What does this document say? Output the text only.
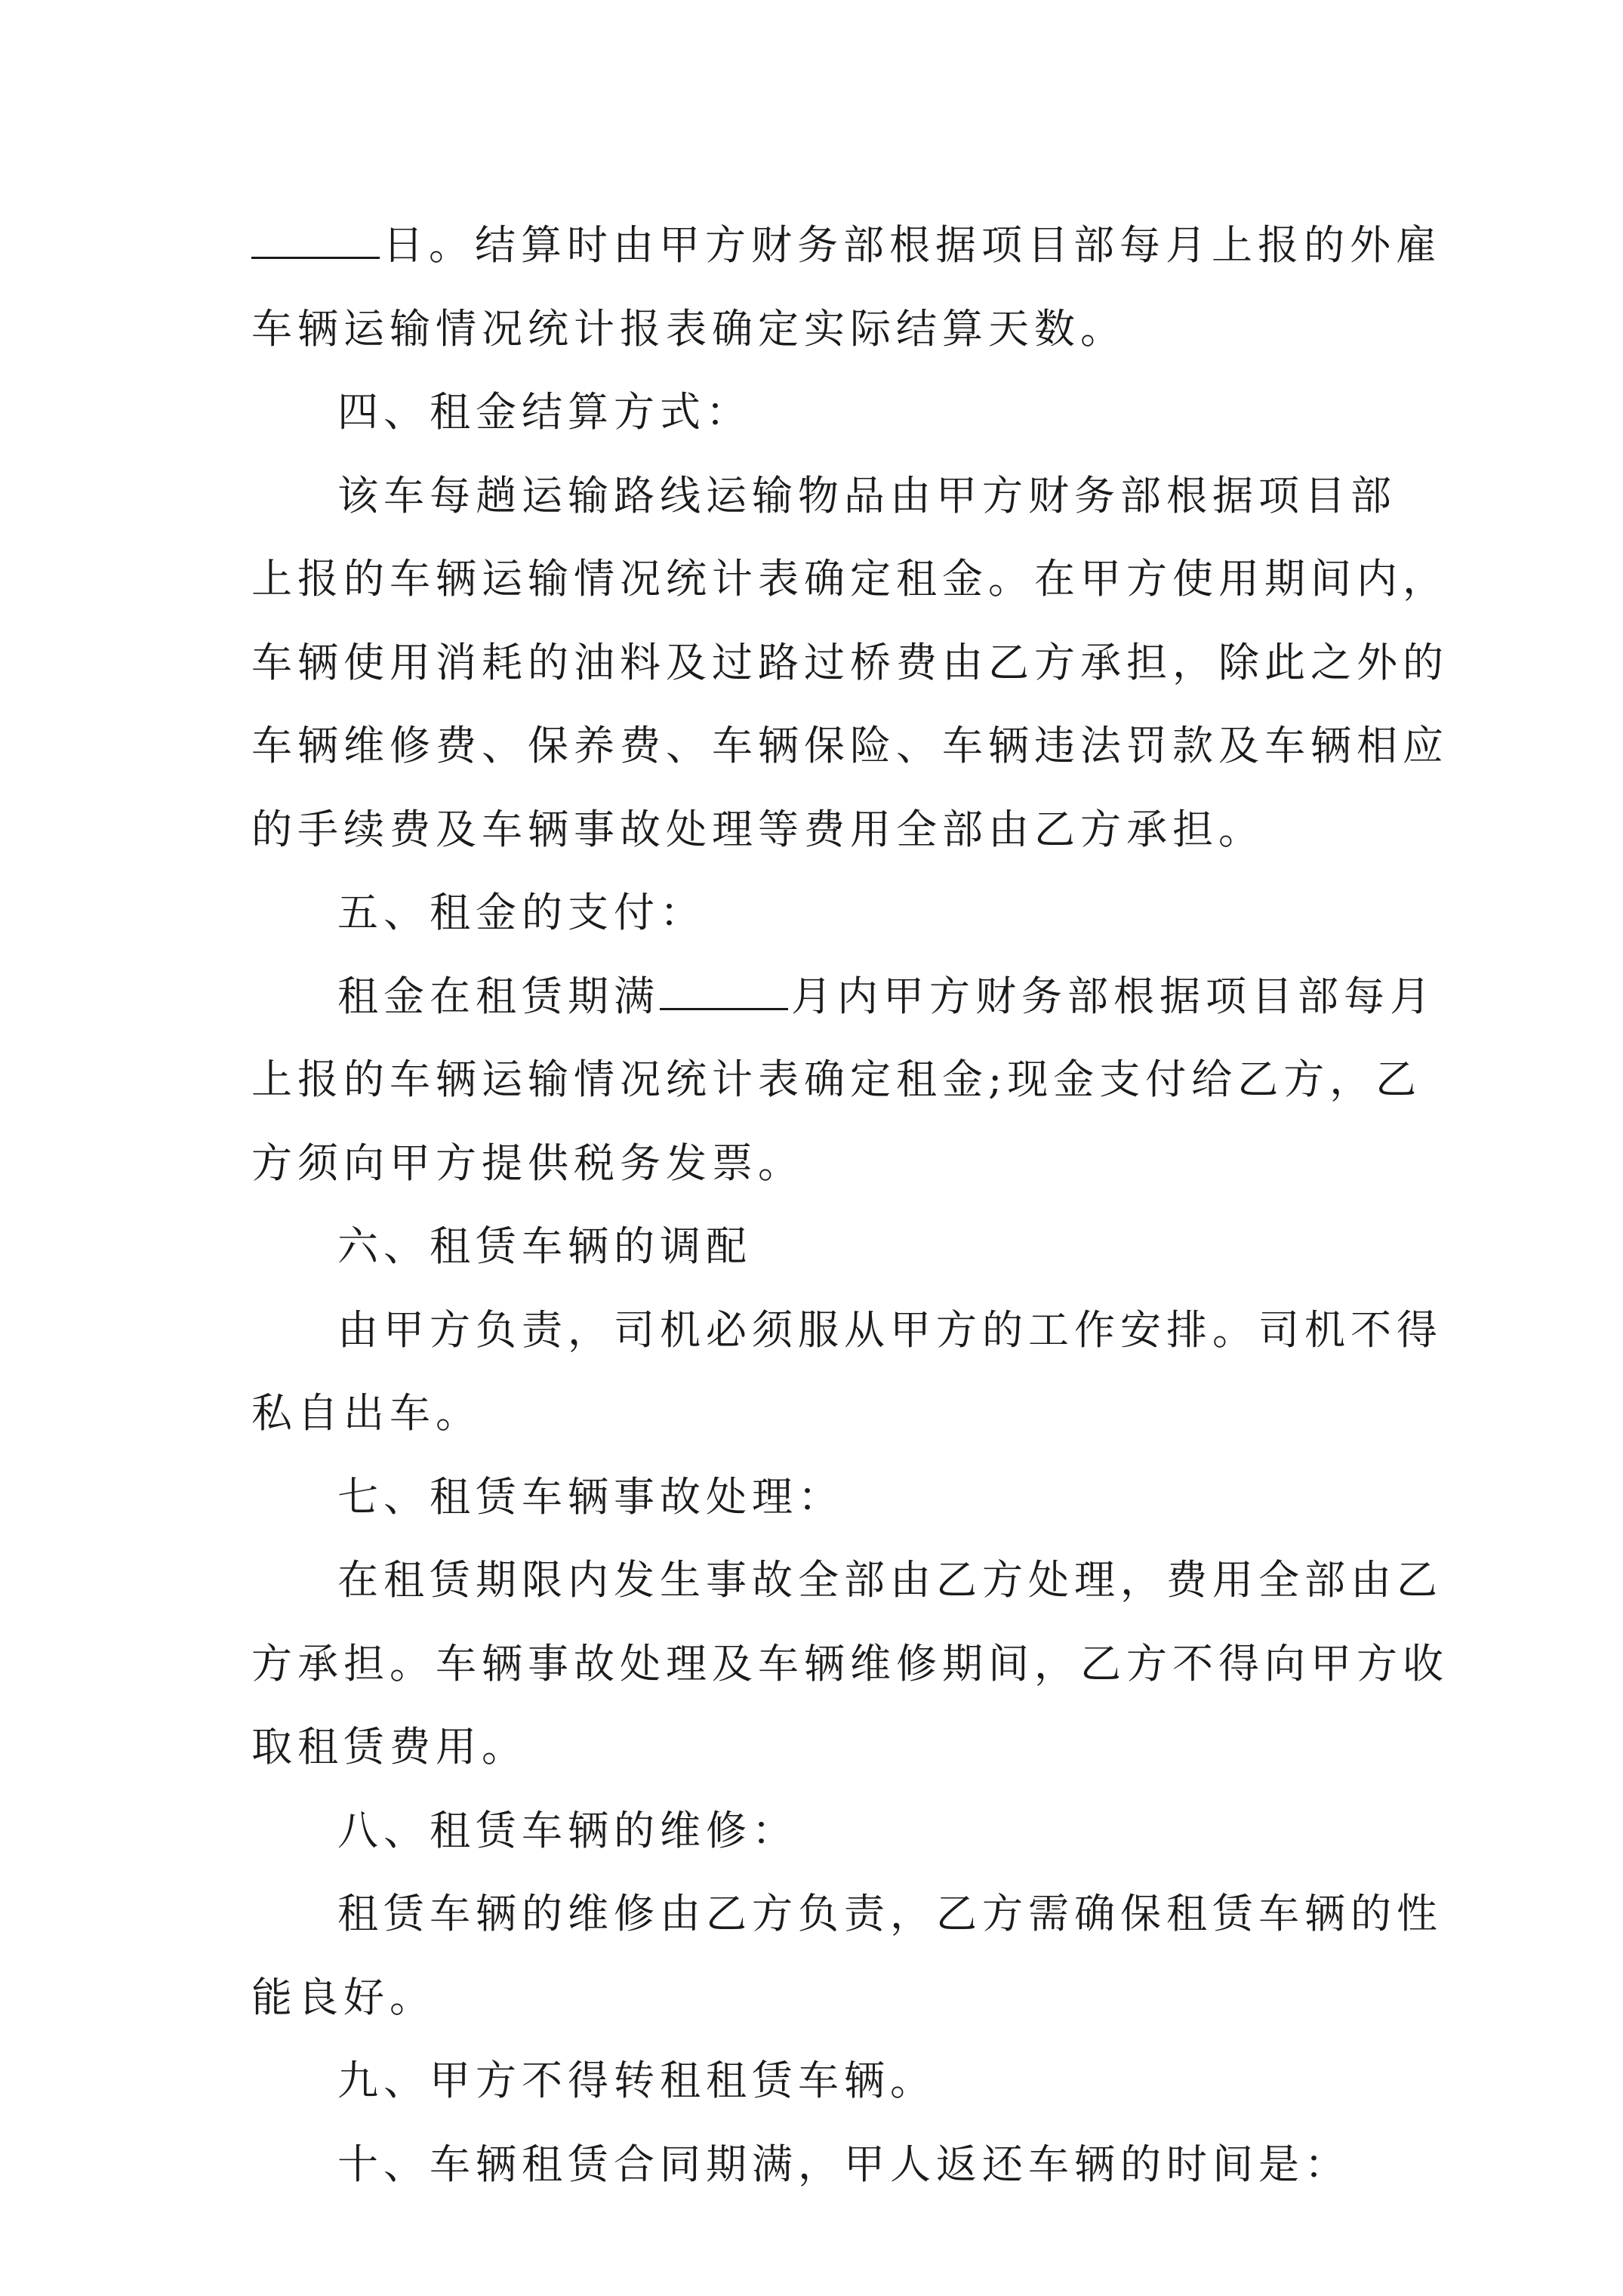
日。结算时由甲方财务部根据项目部每月上报的外雇
车辆运输情况统计报表确定实际结算天数。
四、租金结算方式：
该车每趟运输路线运输物品由甲方财务部根据项目部
上报的车辆运输情况统计表确定租金。在甲方使用期间内，
车辆使用消耗的油料及过路过桥费由乙方承担，除此之外的
车辆维修费、保养费、车辆保险、车辆违法罚款及车辆相应
的手续费及车辆事故处理等费用全部由乙方承担。
五、租金的支付：
租金在租赁期满	月内甲方财务部根据项目部每月
上报的车辆运输情况统计表确定租金;现金支付给乙方，乙
方须向甲方提供税务发票。
六、租赁车辆的调配
由甲方负责，司机必须服从甲方的工作安排。司机不得
私自出车。
七、租赁车辆事故处理：
在租赁期限内发生事故全部由乙方处理，费用全部由乙
方承担。车辆事故处理及车辆维修期间，乙方不得向甲方收
取租赁费用。
八、租赁车辆的维修：
租赁车辆的维修由乙方负责，乙方需确保租赁车辆的性
能良好。
九、甲方不得转租租赁车辆。
十、车辆租赁合同期满，甲人返还车辆的时间是：
